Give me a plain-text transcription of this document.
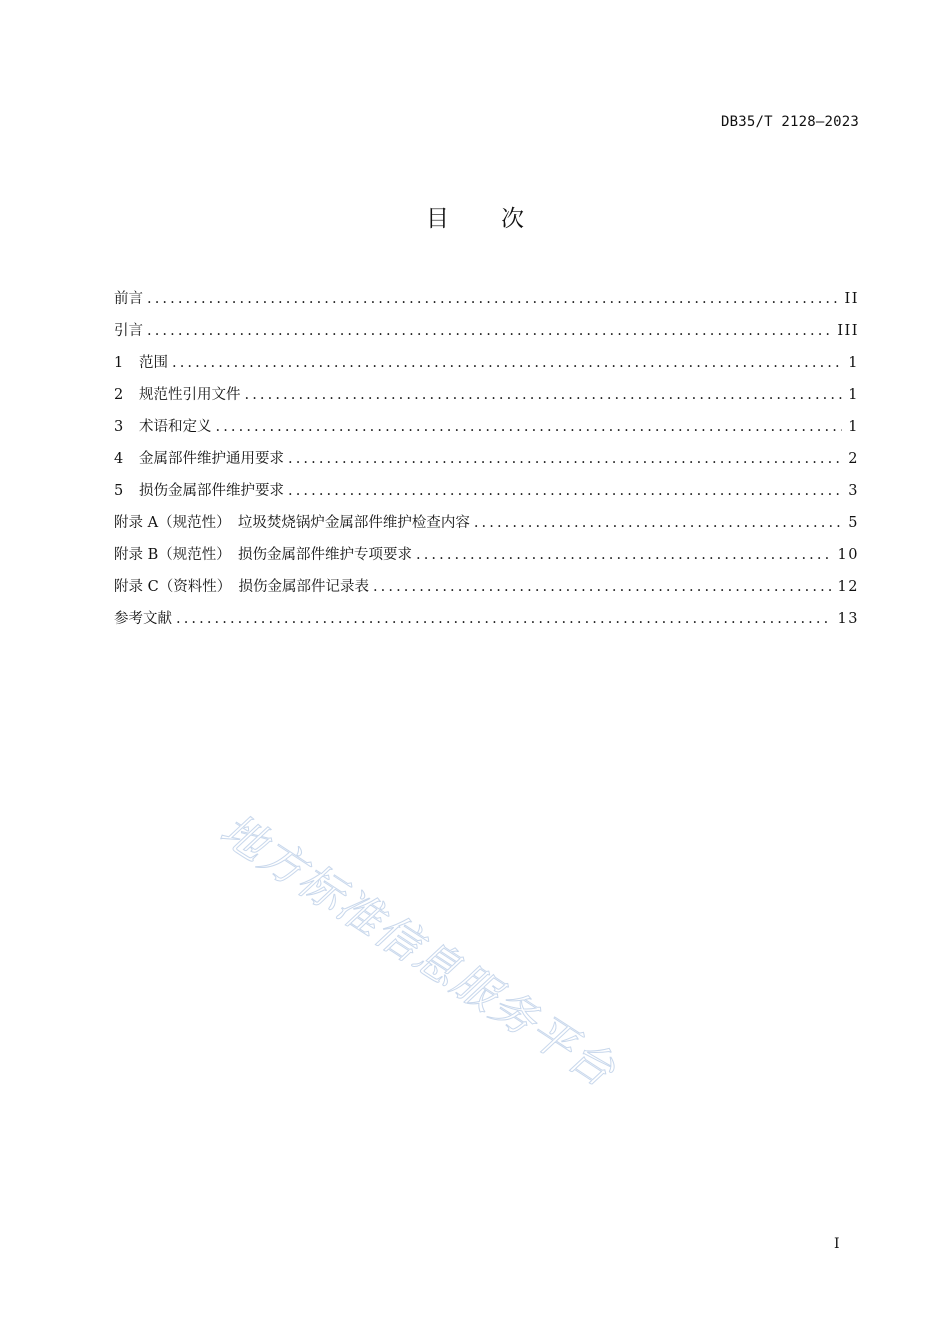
DB35/T 2128—2023
目 次
前言 .....	II
引言 .....	III
1	范围 .....	1
2	规范性引用文件 .....	1
3	术语和定义 .....	1
4	金属部件维护通用要求 .....	2
5	损伤金属部件维护要求 .....	3
附录 A（规范性）　 垃圾焚烧锅炉金属部件维护检查内容 .....	5
附录 B（规范性）　 损伤金属部件维护专项要求 .....	10
附录 C（资料性）　 损伤金属部件记录表 .....	12
参考文献 .....	13
地方标准信息服务平台
I
